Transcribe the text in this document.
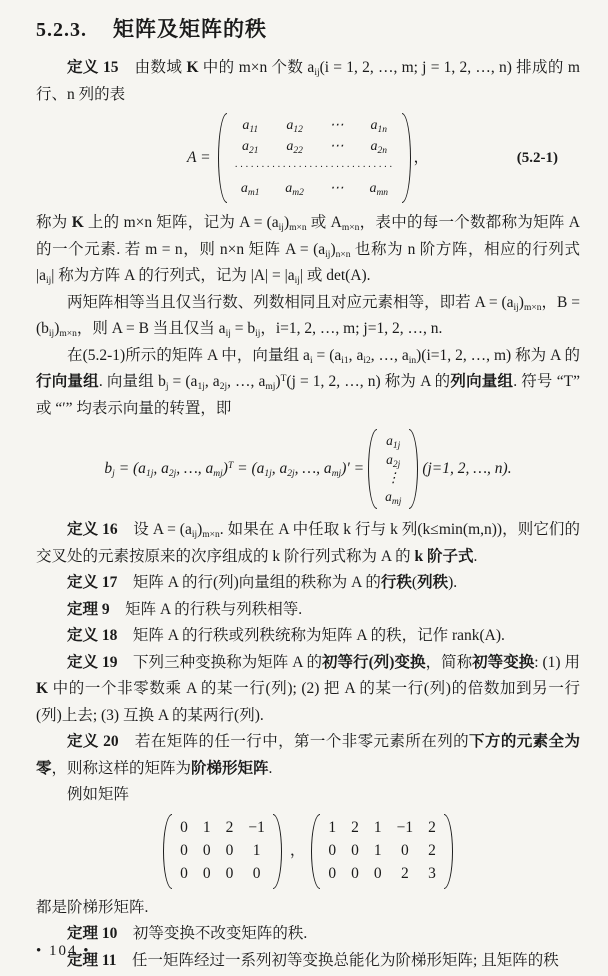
5.2.3. 矩阵及矩阵的秩

定义 15　由数域 K 中的 m×n 个数 $a_{ij}(i = 1$, 2, …, m; j = 1, 2, …, n) 排成的 m 行、n 列的表

A =
$a_{11}$ $a_{12}$ ⋯ $a_{1n}$
$a_{21}$ $a_{22}$ ⋯ $a_{2n}$
······························
$a_{m1}$ $a_{m2}$ ⋯ $a_{mn}$
，	(5.2-1)

称为 K 上的 m×n 矩阵，记为 $A = (a_{ij})_{m\times n}$ 或 $A_{m\times n}$，表中的每一个数都称为矩阵 A 的一个元素. 若 m = n，则 n×n 矩阵 $A = (a_{ij})_{n\times n}$ 也称为 n 阶方阵，相应的行列式 $|a_{ij}|$ 称为方阵 A 的行列式，记为 $|A| = |a_{ij}|$ 或 det(A).

两矩阵相等当且仅当行数、列数相同且对应元素相等，即若 $A = (a_{ij})_{m\times n}$，$B = (b_{ij})_{m\times n}$，则 A = B 当且仅当 $a_{ij} = b_{ij}$，i=1, 2, …, m; j=1, 2, …, n.

在(5.2-1)所示的矩阵 A 中，向量组 $a_i = (a_{i1}$, $a_{i2}$, …, $a_{in})(i=1$, 2, …, m) 称为 A 的行向量组. 向量组 $b_j = (a_{1j}$, $a_{2j}$, …, $a_{mj})^T(j = 1$, 2, …, n) 称为 A 的列向量组. 符号 “T” 或 “′” 均表示向量的转置，即

$b_j = (a_{1j}$, $a_{2j}$, …, $a_{mj})^T = (a_{1j}$, $a_{2j}$, …, $a_{mj})'$ =
$a_{1j}$
$a_{2j}$
⋮
$a_{mj}$
(j=1, 2, …, n).

定义 16　设 $A = (a_{ij})_{m\times n}$. 如果在 A 中任取 k 行与 k 列(k≤min(m,n))，则它们的交叉处的元素按原来的次序组成的 k 阶行列式称为 A 的 k 阶子式.

定义 17　矩阵 A 的行(列)向量组的秩称为 A 的行秩(列秩).

定理 9　矩阵 A 的行秩与列秩相等.

定义 18　矩阵 A 的行秩或列秩统称为矩阵 A 的秩，记作 rank(A).

定义 19　下列三种变换称为矩阵 A 的初等行(列)变换，简称初等变换: (1) 用 K 中的一个非零数乘 A 的某一行(列); (2) 把 A 的某一行(列)的倍数加到另一行(列)上去; (3) 互换 A 的某两行(列).

定义 20　若在矩阵的任一行中，第一个非零元素所在列的下方的元素全为零，则称这样的矩阵为阶梯形矩阵.

例如矩阵

0 1 2 −1
0 0 0 1
0 0 0 0
，
1 2 1 −1 2
0 0 1 0 2
0 0 0 2 3

都是阶梯形矩阵.

定理 10　初等变换不改变矩阵的秩.

定理 11　任一矩阵经过一系列初等变换总能化为阶梯形矩阵; 且矩阵的秩

• 104 •
